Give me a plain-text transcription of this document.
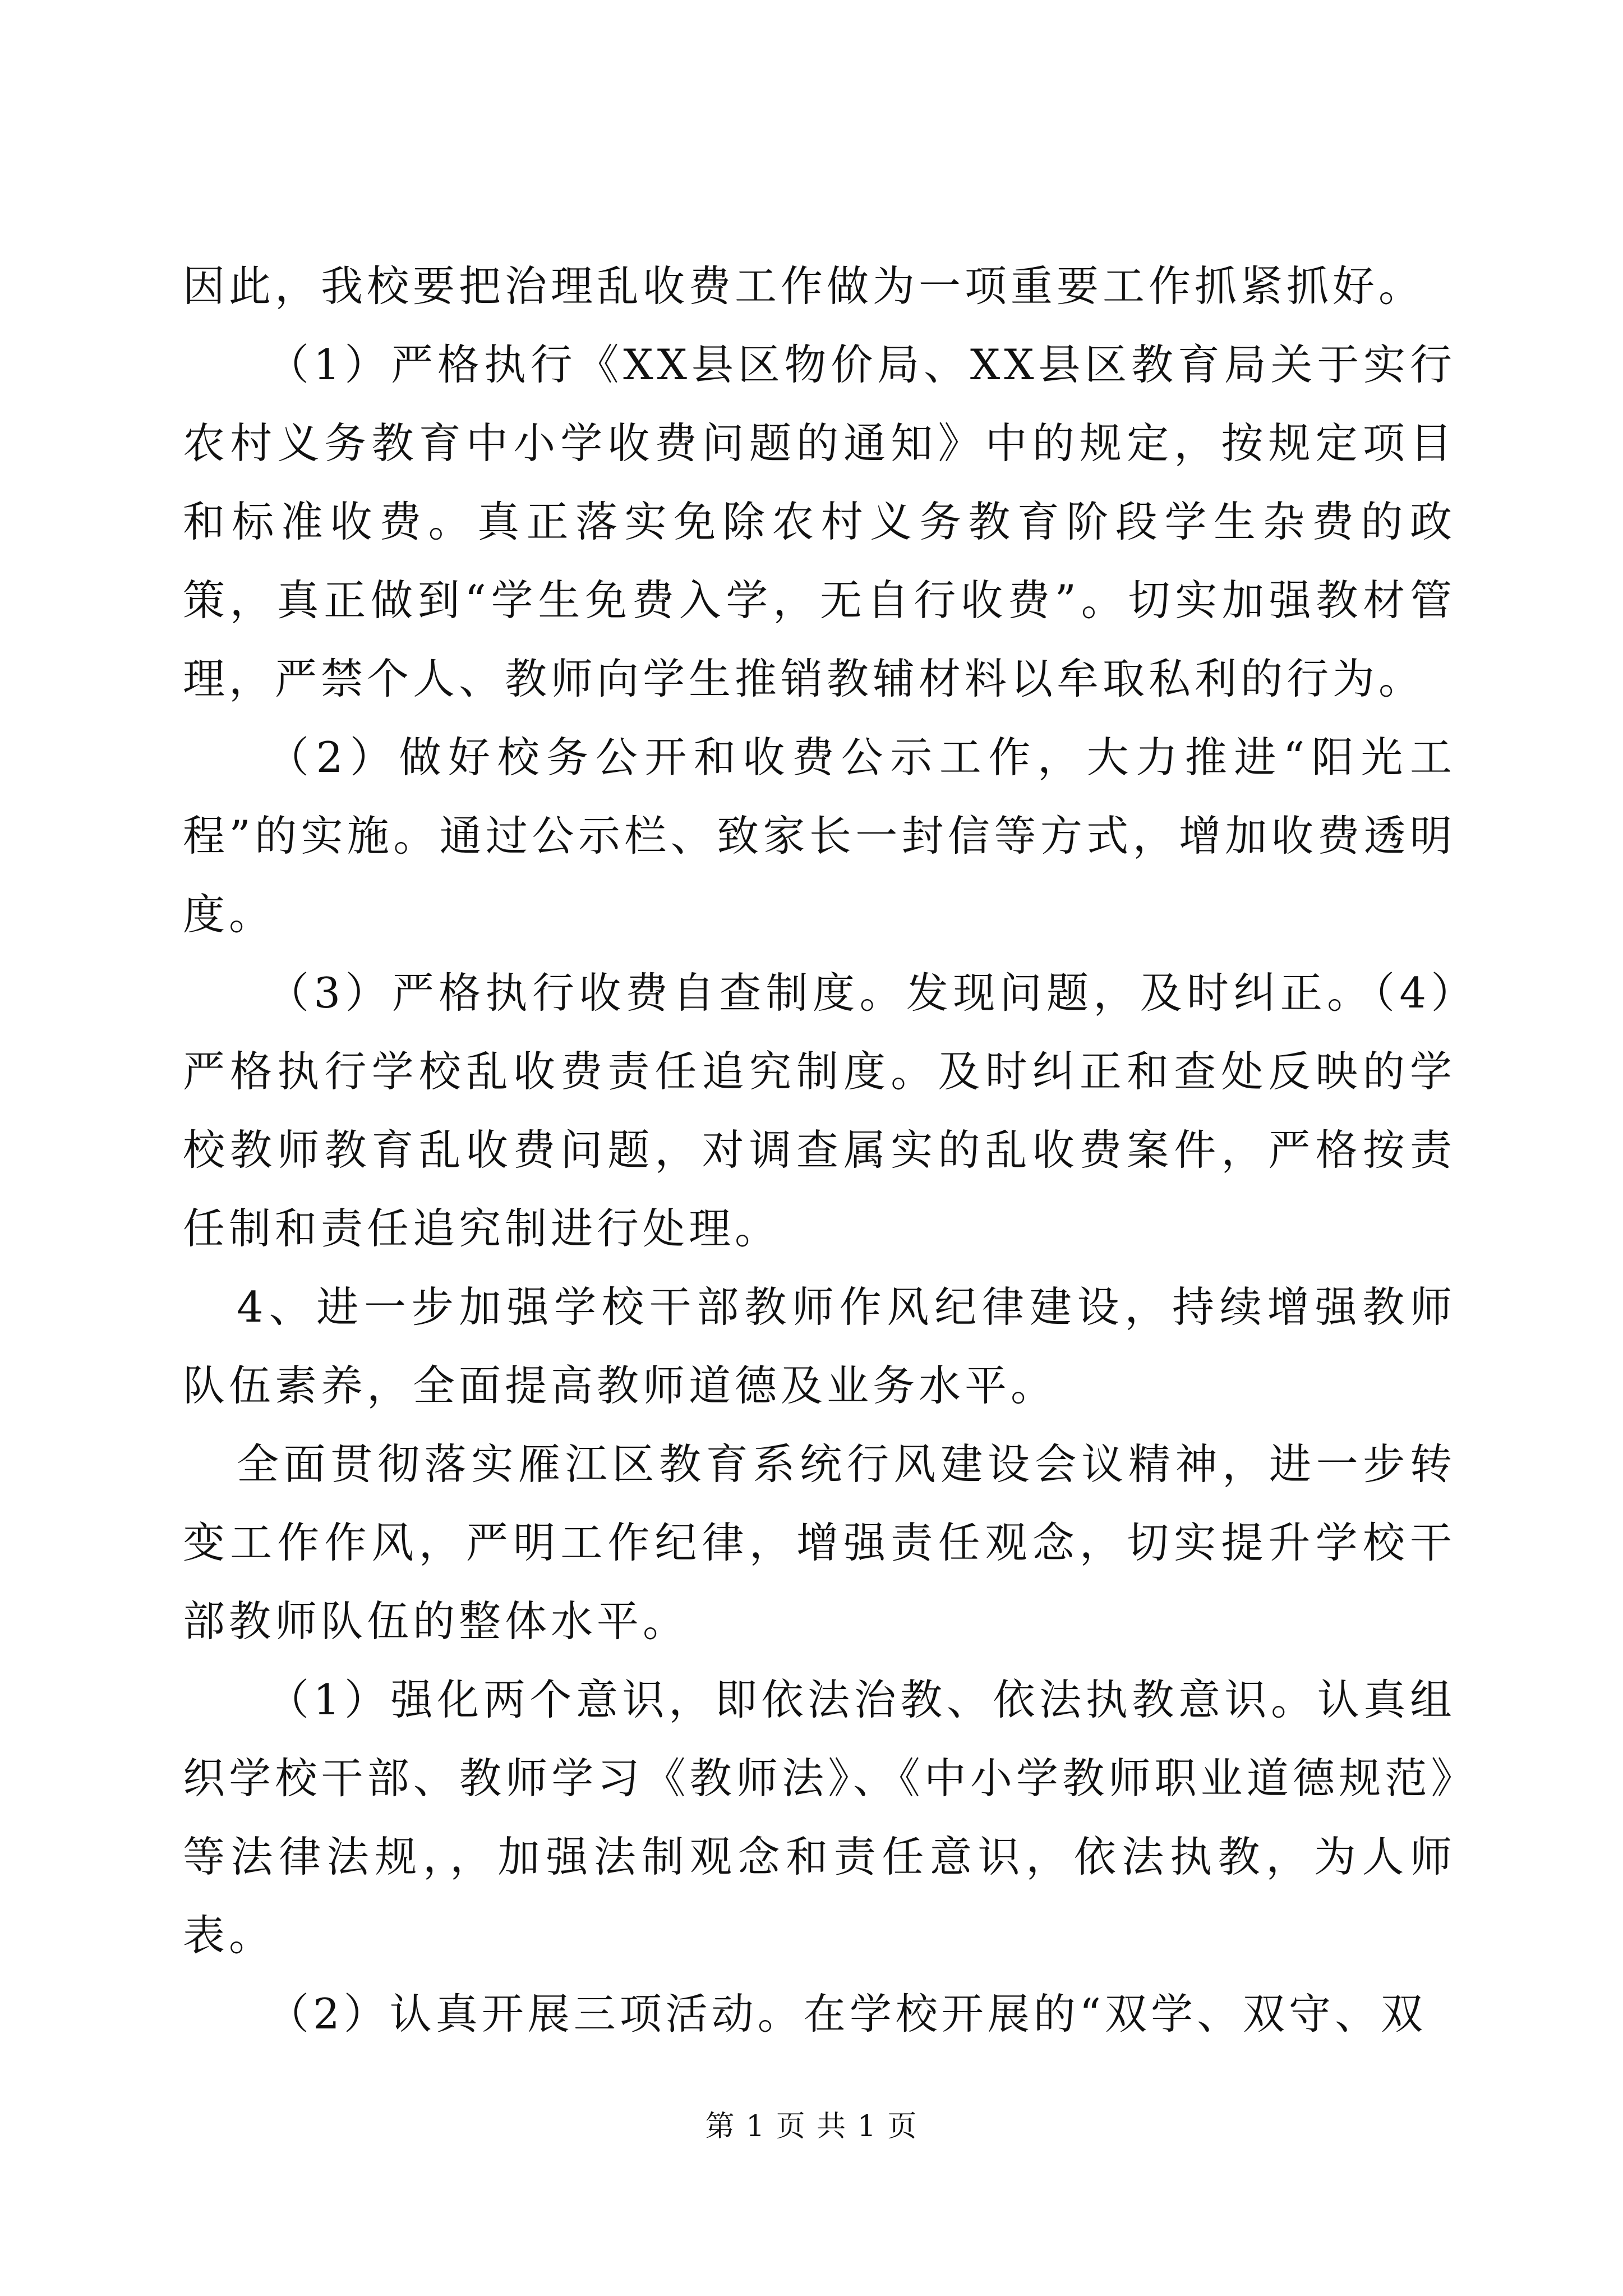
因此，我校要把治理乱收费工作做为一项重要工作抓紧抓好。

（1）严格执行《XX县区物价局、XX县区教育局关于实行农村义务教育中小学收费问题的通知》中的规定，按规定项目和标准收费。真正落实免除农村义务教育阶段学生杂费的政策，真正做到“学生免费入学，无自行收费”。切实加强教材管理，严禁个人、教师向学生推销教辅材料以牟取私利的行为。

（2）做好校务公开和收费公示工作，大力推进“阳光工程”的实施。通过公示栏、致家长一封信等方式，增加收费透明度。

（3）严格执行收费自查制度。发现问题，及时纠正。（4）严格执行学校乱收费责任追究制度。及时纠正和查处反映的学校教师教育乱收费问题，对调查属实的乱收费案件，严格按责任制和责任追究制进行处理。

4、进一步加强学校干部教师作风纪律建设，持续增强教师队伍素养，全面提高教师道德及业务水平。

全面贯彻落实雁江区教育系统行风建设会议精神，进一步转变工作作风，严明工作纪律，增强责任观念，切实提升学校干部教师队伍的整体水平。

（1）强化两个意识，即依法治教、依法执教意识。认真组织学校干部、教师学习《教师法》、《中小学教师职业道德规范》等法律法规，，加强法制观念和责任意识，依法执教，为人师表。

（2）认真开展三项活动。在学校开展的“双学、双守、双

第 1 页 共 1 页
